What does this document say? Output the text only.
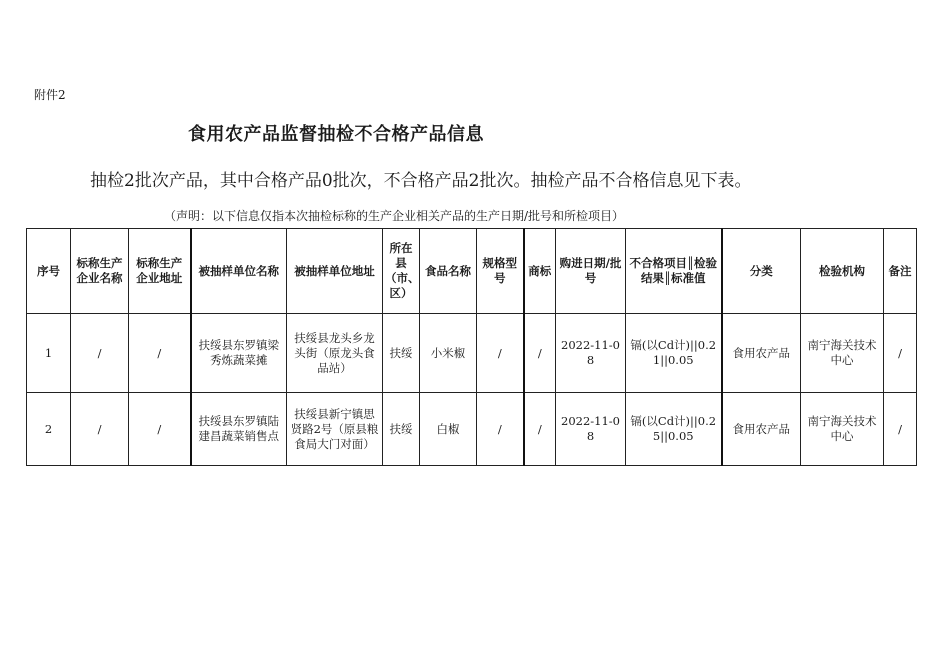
附件2
食用农产品监督抽检不合格产品信息
抽检2批次产品，其中合格产品0批次，不合格产品2批次。抽检产品不合格信息见下表。
（声明：以下信息仅指本次抽检标称的生产企业相关产品的生产日期/批号和所检项目）
序号	标称生产企业名称	标称生产企业地址	被抽样单位名称	被抽样单位地址	所在县（市、区）	食品名称	规格型号	商标	购进日期/批号	不合格项目║检验结果║标准值	分类	检验机构	备注
1	/	/	扶绥县东罗镇梁秀炼蔬菜摊	扶绥县龙头乡龙头街（原龙头食品站）	扶绥	小米椒	/	/	2022-11-08	镉(以Cd计)||0.21||0.05	食用农产品	南宁海关技术中心	/
2	/	/	扶绥县东罗镇陆建昌蔬菜销售点	扶绥县新宁镇思贤路2号（原县粮食局大门对面）	扶绥	白椒	/	/	2022-11-08	镉(以Cd计)||0.25||0.05	食用农产品	南宁海关技术中心	/
